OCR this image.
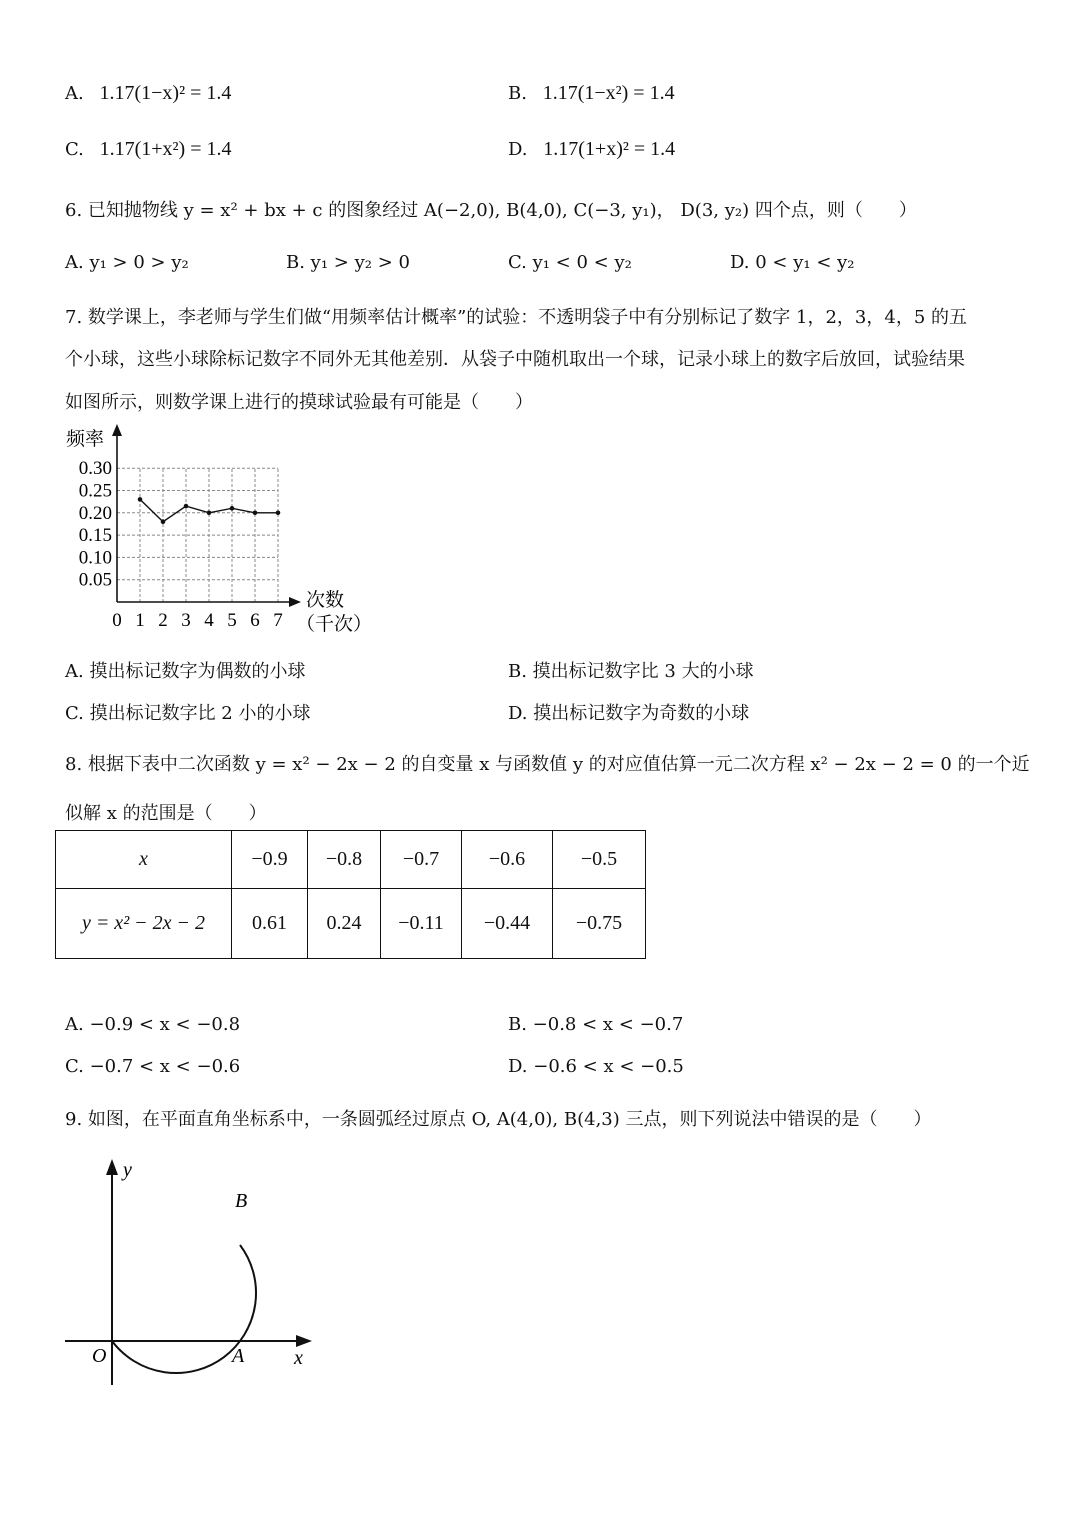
A. 1.17(1−x)² = 1.4	B. 1.17(1−x²) = 1.4
C. 1.17(1+x²) = 1.4	D. 1.17(1+x)² = 1.4
6. 已知抛物线 y = x² + bx + c 的图象经过 A(−2,0), B(4,0), C(−3, y₁)， D(3, y₂) 四个点，则（　　）
A. y₁ > 0 > y₂	B. y₁ > y₂ > 0	C. y₁ < 0 < y₂	D. 0 < y₁ < y₂
7. 数学课上，李老师与学生们做“用频率估计概率”的试验：不透明袋子中有分别标记了数字 1，2，3，4，5 的五
个小球，这些小球除标记数字不同外无其他差别．从袋子中随机取出一个球，记录小球上的数字后放回，试验结果
如图所示，则数学课上进行的摸球试验最有可能是（　　）
0.05
0.10
0.15
0.20
0.25
0.30
0 1 2 3 4 5 6 7
频率
次数
（千次）
A. 摸出标记数字为偶数的小球	B. 摸出标记数字比 3 大的小球
C. 摸出标记数字比 2 小的小球	D. 摸出标记数字为奇数的小球
8. 根据下表中二次函数 y = x² − 2x − 2 的自变量 x 与函数值 y 的对应值估算一元二次方程 x² − 2x − 2 = 0 的一个近
似解 x 的范围是（　　）
x	−0.9	−0.8	−0.7	−0.6	−0.5
y = x² − 2x − 2	0.61	0.24	−0.11	−0.44	−0.75
A. −0.9 < x < −0.8	B. −0.8 < x < −0.7
C. −0.7 < x < −0.6	D. −0.6 < x < −0.5
9. 如图，在平面直角坐标系中，一条圆弧经过原点 O, A(4,0), B(4,3) 三点，则下列说法中错误的是（　　）
y
x
O	A
B
